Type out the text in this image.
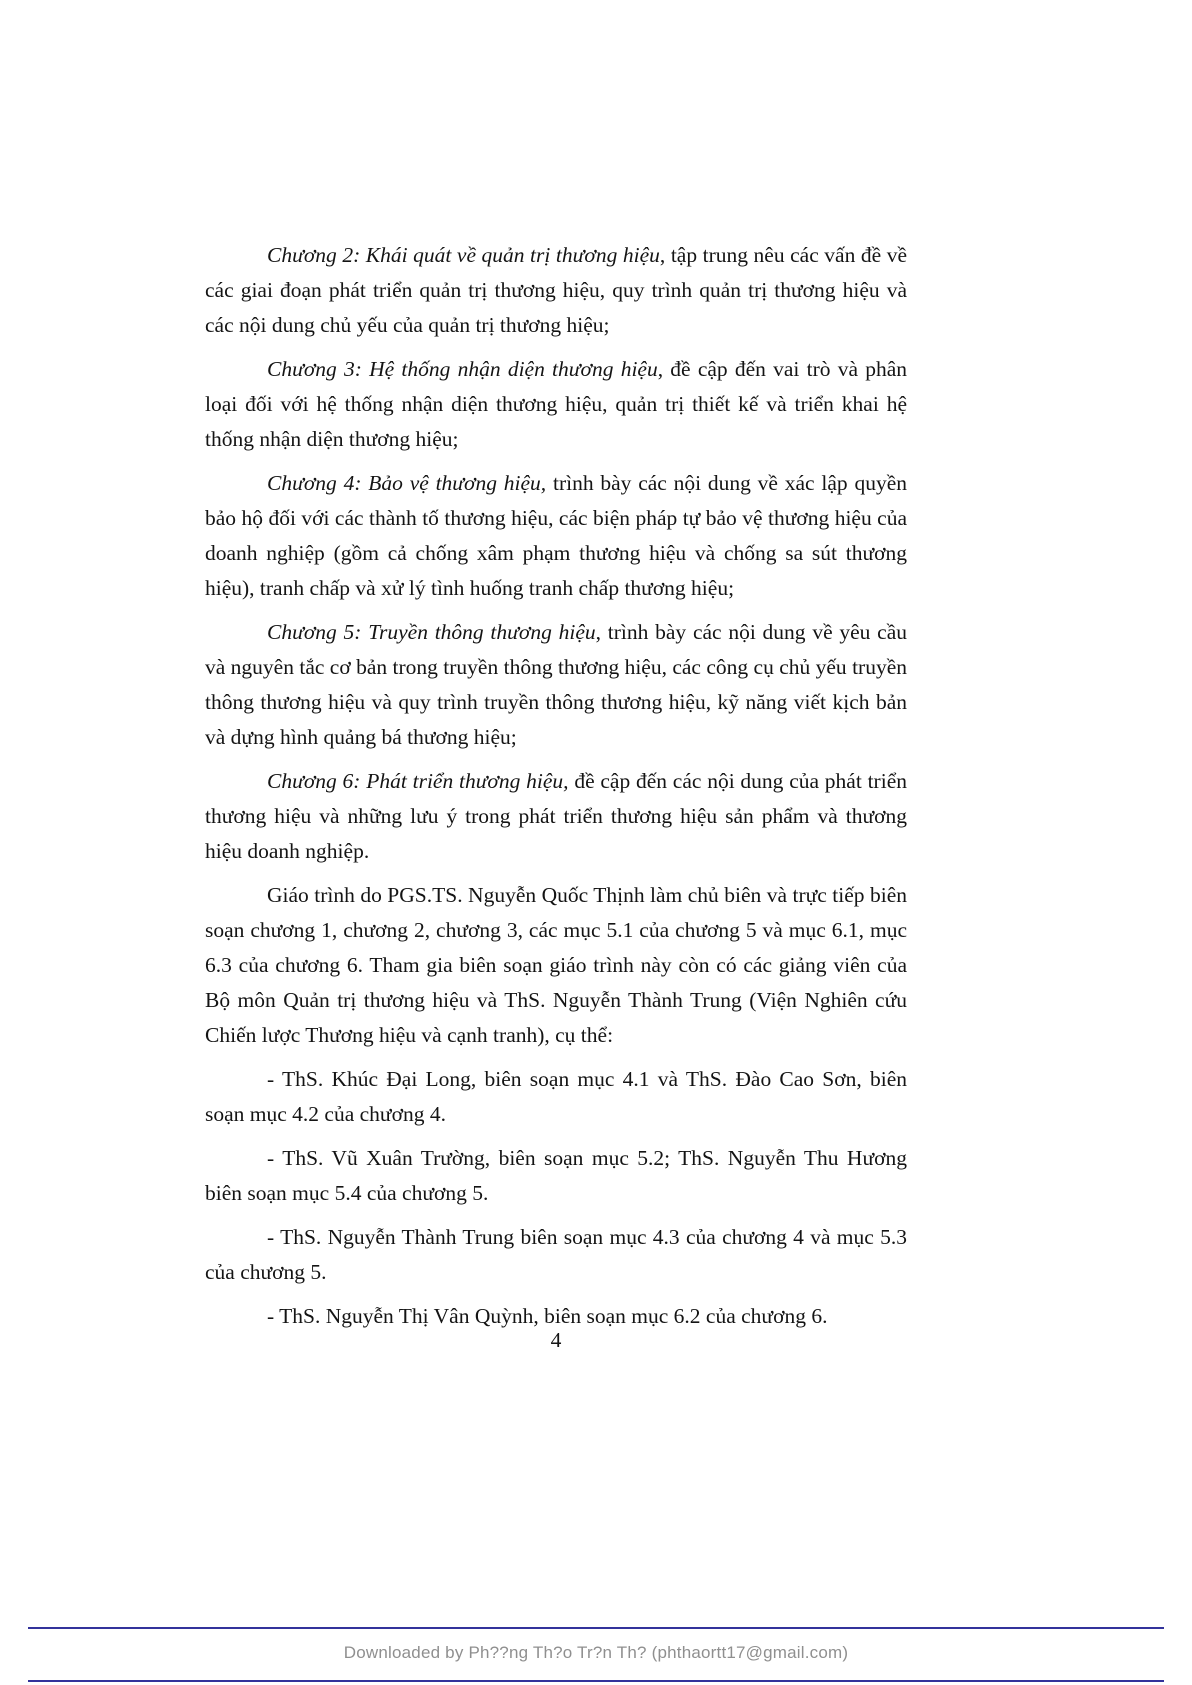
Chương 2: Khái quát về quản trị thương hiệu, tập trung nêu các vấn đề về các giai đoạn phát triển quản trị thương hiệu, quy trình quản trị thương hiệu và các nội dung chủ yếu của quản trị thương hiệu;

Chương 3: Hệ thống nhận diện thương hiệu, đề cập đến vai trò và phân loại đối với hệ thống nhận diện thương hiệu, quản trị thiết kế và triển khai hệ thống nhận diện thương hiệu;

Chương 4: Bảo vệ thương hiệu, trình bày các nội dung về xác lập quyền bảo hộ đối với các thành tố thương hiệu, các biện pháp tự bảo vệ thương hiệu của doanh nghiệp (gồm cả chống xâm phạm thương hiệu và chống sa sút thương hiệu), tranh chấp và xử lý tình huống tranh chấp thương hiệu;

Chương 5: Truyền thông thương hiệu, trình bày các nội dung về yêu cầu và nguyên tắc cơ bản trong truyền thông thương hiệu, các công cụ chủ yếu truyền thông thương hiệu và quy trình truyền thông thương hiệu, kỹ năng viết kịch bản và dựng hình quảng bá thương hiệu;

Chương 6: Phát triển thương hiệu, đề cập đến các nội dung của phát triển thương hiệu và những lưu ý trong phát triển thương hiệu sản phẩm và thương hiệu doanh nghiệp.

Giáo trình do PGS.TS. Nguyễn Quốc Thịnh làm chủ biên và trực tiếp biên soạn chương 1, chương 2, chương 3, các mục 5.1 của chương 5 và mục 6.1, mục 6.3 của chương 6. Tham gia biên soạn giáo trình này còn có các giảng viên của Bộ môn Quản trị thương hiệu và ThS. Nguyễn Thành Trung (Viện Nghiên cứu Chiến lược Thương hiệu và cạnh tranh), cụ thể:

- ThS. Khúc Đại Long, biên soạn mục 4.1 và ThS. Đào Cao Sơn, biên soạn mục 4.2 của chương 4.

- ThS. Vũ Xuân Trường, biên soạn mục 5.2; ThS. Nguyễn Thu Hương biên soạn mục 5.4 của chương 5.

- ThS. Nguyễn Thành Trung biên soạn mục 4.3 của chương 4 và mục 5.3 của chương 5.

- ThS. Nguyễn Thị Vân Quỳnh, biên soạn mục 6.2 của chương 6.

4
Downloaded by Ph??ng Th?o Tr?n Th? (phthaortt17@gmail.com)
